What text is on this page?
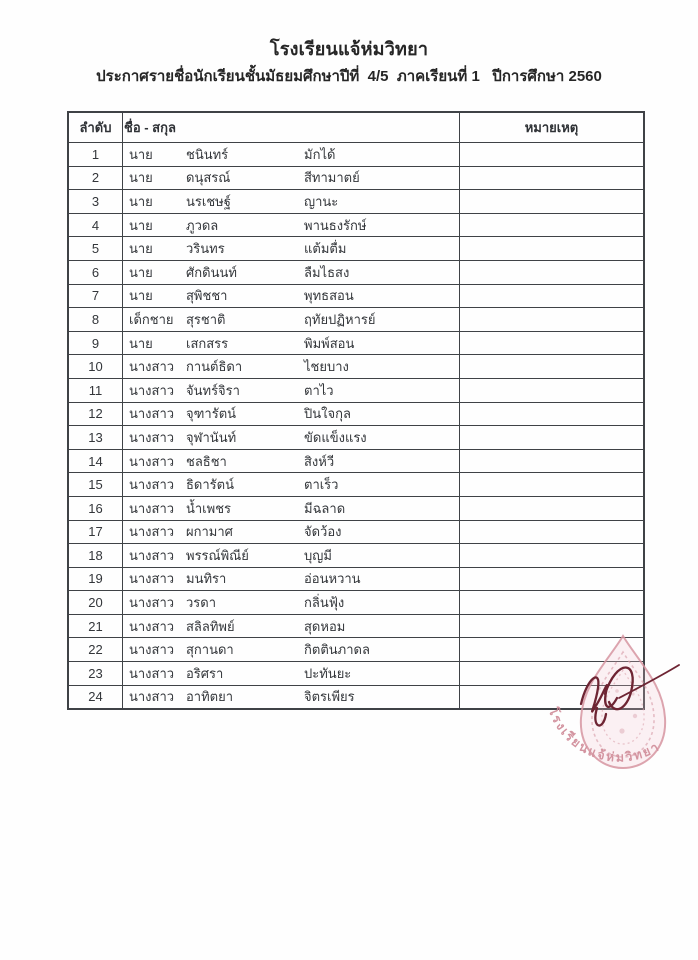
โรงเรียนแจ้ห่มวิทยา
ประกาศรายชื่อนักเรียนชั้นมัธยมศึกษาปีที่  4/5  ภาคเรียนที่ 1   ปีการศึกษา 2560
ลำดับ	ชื่อ - สกุล	หมายเหตุ
1	นาย ชนินทร์ มักได้	
2	นาย ดนุสรณ์ สีทามาตย์	
3	นาย นรเชษฐ์ ญานะ	
4	นาย ภูวดล พานธงรักษ์	
5	นาย วรินทร แต้มตื่ม	
6	นาย ศักดินนท์ ลืมไธสง	
7	นาย สุพิชชา พุทธสอน	
8	เด็กชาย สุรชาติ ฤทัยปฏิหารย์	
9	นาย เสกสรร พิมพ์สอน	
10	นางสาว กานต์ธิดา ไชยบาง	
11	นางสาว จันทร์จิรา ตาไว	
12	นางสาว จุฑารัตน์ ปินใจกุล	
13	นางสาว จุฬานันท์ ขัดแข็งแรง	
14	นางสาว ชลธิชา สิงห์วี	
15	นางสาว ธิดารัตน์ ตาเร็ว	
16	นางสาว น้ำเพชร มีฉลาด	
17	นางสาว ผกามาศ จัดว้อง	
18	นางสาว พรรณ์พิณีย์ บุญมี	
19	นางสาว มนทิรา อ่อนหวาน	
20	นางสาว วรดา กลิ่นฟุ้ง	
21	นางสาว สลิลทิพย์ สุดหอม	
22	นางสาว สุกานดา กิตตินภาดล	
23	นางสาว อริศรา ปะทันยะ	
24	นางสาว อาทิตยา จิตรเพียร	
โรงเรียนแจ้ห่มวิทยา
